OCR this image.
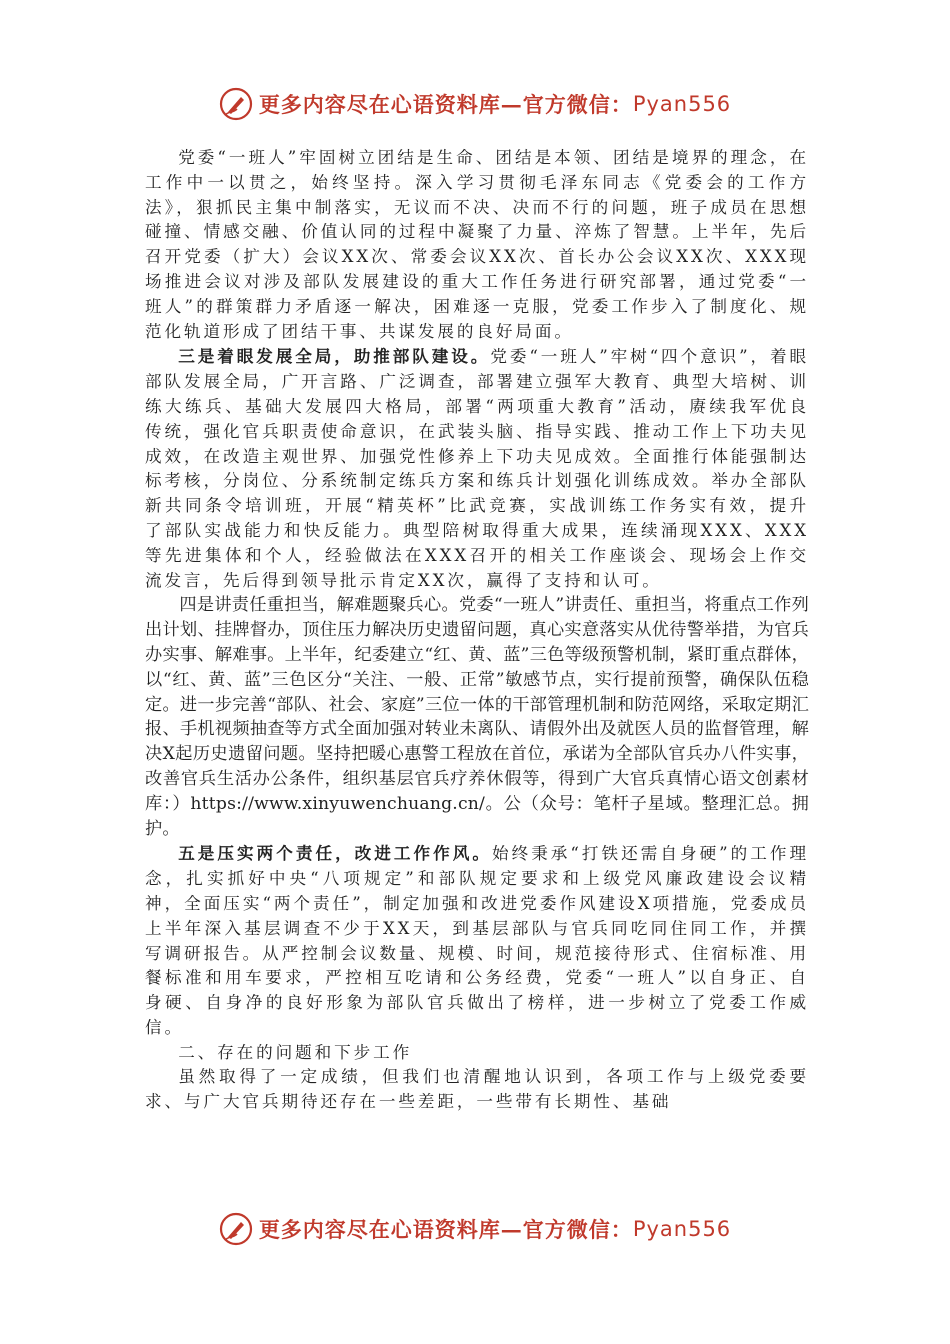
更多内容尽在心语资料库—官方微信： Pyan556

党委“一班人”牢固树立团结是生命、团结是本领、团结是境界的理念，在工作中一以贯之，始终坚持。深入学习贯彻毛泽东同志《党委会的工作方法》，狠抓民主集中制落实，无议而不决、决而不行的问题，班子成员在思想碰撞、情感交融、价值认同的过程中凝聚了力量、淬炼了智慧。上半年，先后召开党委（扩大）会议XX次、常委会议XX次、首长办公会议XX次、XXX现场推进会议对涉及部队发展建设的重大工作任务进行研究部署，通过党委“一班人”的群策群力矛盾逐一解决，困难逐一克服，党委工作步入了制度化、规范化轨道形成了团结干事、共谋发展的良好局面。

三是着眼发展全局，助推部队建设。党委“一班人”牢树“四个意识”，着眼部队发展全局，广开言路、广泛调查，部署建立强军大教育、典型大培树、训练大练兵、基础大发展四大格局，部署“两项重大教育”活动，赓续我军优良传统，强化官兵职责使命意识，在武装头脑、指导实践、推动工作上下功夫见成效，在改造主观世界、加强党性修养上下功夫见成效。全面推行体能强制达标考核，分岗位、分系统制定练兵方案和练兵计划强化训练成效。举办全部队新共同条令培训班，开展“精英杯”比武竞赛，实战训练工作务实有效，提升了部队实战能力和快反能力。典型陪树取得重大成果，连续涌现XXX、XXX等先进集体和个人，经验做法在XXX召开的相关工作座谈会、现场会上作交流发言，先后得到领导批示肯定XX次，赢得了支持和认可。

四是讲责任重担当，解难题聚兵心。党委“一班人”讲责任、重担当，将重点工作列出计划、挂牌督办，顶住压力解决历史遗留问题，真心实意落实从优待警举措，为官兵办实事、解难事。上半年，纪委建立“红、黄、蓝”三色等级预警机制，紧盯重点群体，以“红、黄、蓝”三色区分“关注、一般、正常”敏感节点，实行提前预警，确保队伍稳定。进一步完善“部队、社会、家庭”三位一体的干部管理机制和防范网络，采取定期汇报、手机视频抽查等方式全面加强对转业未离队、请假外出及就医人员的监督管理，解决X起历史遗留问题。坚持把暖心惠警工程放在首位，承诺为全部队官兵办八件实事，改善官兵生活办公条件，组织基层官兵疗养休假等，得到广大官兵真情心语文创素材库：）https://www.xinyuwenchuang.cn/。公（众号：笔杆子星域。整理汇总。拥护。

五是压实两个责任，改进工作作风。始终秉承“打铁还需自身硬”的工作理念，扎实抓好中央“八项规定”和部队规定要求和上级党风廉政建设会议精神，全面压实“两个责任”，制定加强和改进党委作风建设X项措施，党委成员上半年深入基层调查不少于XX天，到基层部队与官兵同吃同住同工作，并撰写调研报告。从严控制会议数量、规模、时间，规范接待形式、住宿标准、用餐标准和用车要求，严控相互吃请和公务经费，党委“一班人”以自身正、自身硬、自身净的良好形象为部队官兵做出了榜样，进一步树立了党委工作威信。

二、存在的问题和下步工作

虽然取得了一定成绩，但我们也清醒地认识到，各项工作与上级党委要求、与广大官兵期待还存在一些差距，一些带有长期性、基础

更多内容尽在心语资料库—官方微信： Pyan556
